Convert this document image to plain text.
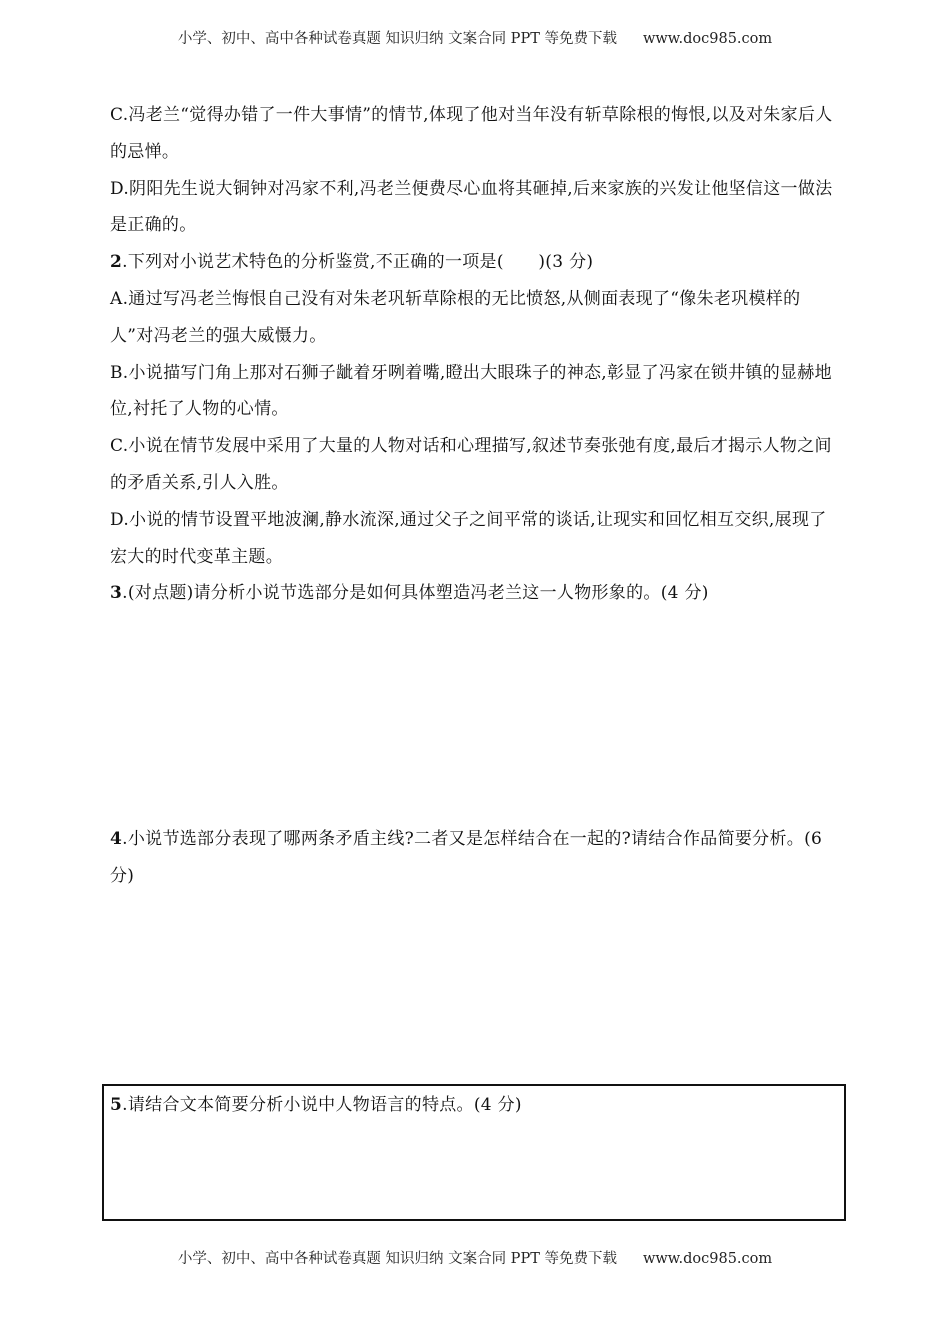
小学、初中、高中各种试卷真题 知识归纳 文案合同 PPT 等免费下载 www.doc985.com

C.冯老兰“觉得办错了一件大事情”的情节,体现了他对当年没有斩草除根的悔恨,以及对朱家后人的忌惮。

D.阴阳先生说大铜钟对冯家不利,冯老兰便费尽心血将其砸掉,后来家族的兴发让他坚信这一做法是正确的。

2.下列对小说艺术特色的分析鉴赏,不正确的一项是(　　)(3 分)

A.通过写冯老兰悔恨自己没有对朱老巩斩草除根的无比愤怒,从侧面表现了“像朱老巩模样的人”对冯老兰的强大威慑力。

B.小说描写门角上那对石狮子龇着牙咧着嘴,瞪出大眼珠子的神态,彰显了冯家在锁井镇的显赫地位,衬托了人物的心情。

C.小说在情节发展中采用了大量的人物对话和心理描写,叙述节奏张弛有度,最后才揭示人物之间的矛盾关系,引人入胜。

D.小说的情节设置平地波澜,静水流深,通过父子之间平常的谈话,让现实和回忆相互交织,展现了宏大的时代变革主题。

3.(对点题)请分析小说节选部分是如何具体塑造冯老兰这一人物形象的。(4 分)

4.小说节选部分表现了哪两条矛盾主线?二者又是怎样结合在一起的?请结合作品简要分析。(6 分)

5.请结合文本简要分析小说中人物语言的特点。(4 分)

小学、初中、高中各种试卷真题 知识归纳 文案合同 PPT 等免费下载 www.doc985.com
